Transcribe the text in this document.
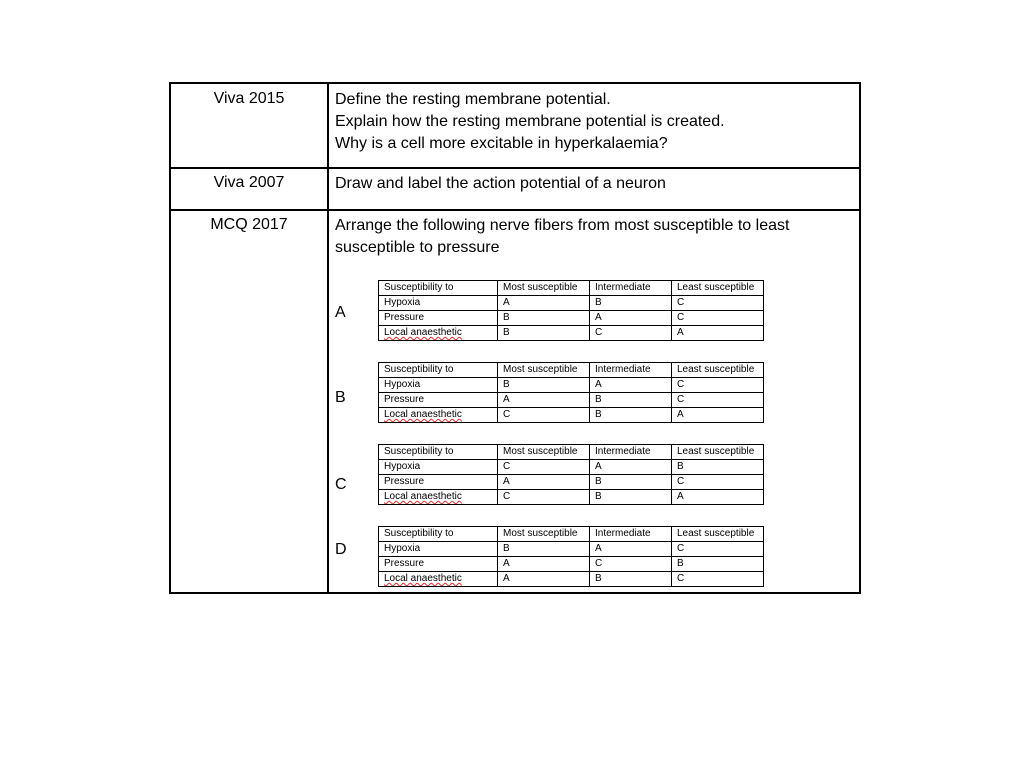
Viva 2015	Define the resting membrane potential.
Explain how the resting membrane potential is created.
Why is a cell more excitable in hyperkalaemia?
Viva 2007	Draw and label the action potential of a neuron
MCQ 2017	Arrange the following nerve fibers from most susceptible to least susceptible to pressure
A
Susceptibility to	Most susceptible	Intermediate	Least susceptible
Hypoxia	A	B	C
Pressure	B	A	C
Local anaesthetic	B	C	A
B
Susceptibility to	Most susceptible	Intermediate	Least susceptible
Hypoxia	B	A	C
Pressure	A	B	C
Local anaesthetic	C	B	A
C
Susceptibility to	Most susceptible	Intermediate	Least susceptible
Hypoxia	C	A	B
Pressure	A	B	C
Local anaesthetic	C	B	A
D
Susceptibility to	Most susceptible	Intermediate	Least susceptible
Hypoxia	B	A	C
Pressure	A	C	B
Local anaesthetic	A	B	C
